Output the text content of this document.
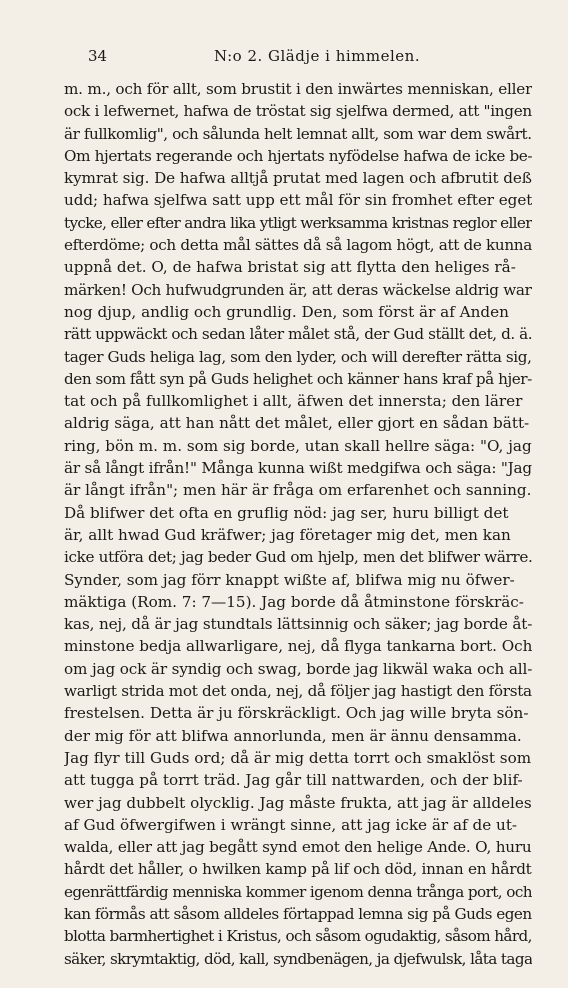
34	N:o 2. Glädje i himmelen.
m. m., och för allt, som brustit i den inwärtes menniskan, eller
ock i lefwernet, hafwa de tröstat sig sjelfwa dermed, att "ingen
är fullkomlig", och sålunda helt lemnat allt, som war dem swårt.
Om hjertats regerande och hjertats nyfödelse hafwa de icke be-
kymrat sig. De hafwa alltjå prutat med lagen och afbrutit deß
udd; hafwa sjelfwa satt upp ett mål för sin fromhet efter eget
tycke, eller efter andra lika ytligt werksamma kristnas reglor eller
efterdöme; och detta mål sättes då så lagom högt, att de kunna
uppnå det. O, de hafwa bristat sig att flytta den heliges rå-
märken! Och hufwudgrunden är, att deras wäckelse aldrig war
nog djup, andlig och grundlig. Den, som först är af Anden
rätt uppwäckt och sedan låter målet stå, der Gud ställt det, d. ä.
tager Guds heliga lag, som den lyder, och will derefter rätta sig,
den som fått syn på Guds helighet och känner hans kraf på hjer-
tat och på fullkomlighet i allt, äfwen det innersta; den lärer
aldrig säga, att han nått det målet, eller gjort en sådan bätt-
ring, bön m. m. som sig borde, utan skall hellre säga: "O, jag
är så långt ifrån!" Många kunna wißt medgifwa och säga: "Jag
är långt ifrån"; men här är fråga om erfarenhet och sanning.
Då blifwer det ofta en gruflig nöd: jag ser, huru billigt det
är, allt hwad Gud kräfwer; jag företager mig det, men kan
icke utföra det; jag beder Gud om hjelp, men det blifwer wärre.
Synder, som jag förr knappt wißte af, blifwa mig nu öfwer-
mäktiga (Rom. 7: 7—15). Jag borde då åtminstone förskräc-
kas, nej, då är jag stundtals lättsinnig och säker; jag borde åt-
minstone bedja allwarligare, nej, då flyga tankarna bort. Och
om jag ock är syndig och swag, borde jag likwäl waka och all-
warligt strida mot det onda, nej, då följer jag hastigt den första
frestelsen. Detta är ju förskräckligt. Och jag wille bryta sön-
der mig för att blifwa annorlunda, men är ännu densamma.
Jag flyr till Guds ord; då är mig detta torrt och smaklöst som
att tugga på torrt träd. Jag går till nattwarden, och der blif-
wer jag dubbelt olycklig. Jag måste frukta, att jag är alldeles
af Gud öfwergifwen i wrängt sinne, att jag icke är af de ut-
walda, eller att jag begått synd emot den helige Ande. O, huru
hårdt det håller, o hwilken kamp på lif och död, innan en hårdt
egenrättfärdig menniska kommer igenom denna trånga port, och
kan förmås att såsom alldeles förtappad lemna sig på Guds egen
blotta barmhertighet i Kristus, och såsom ogudaktig, såsom hård,
säker, skrymtaktig, död, kall, syndbenägen, ja djefwulsk, låta taga
